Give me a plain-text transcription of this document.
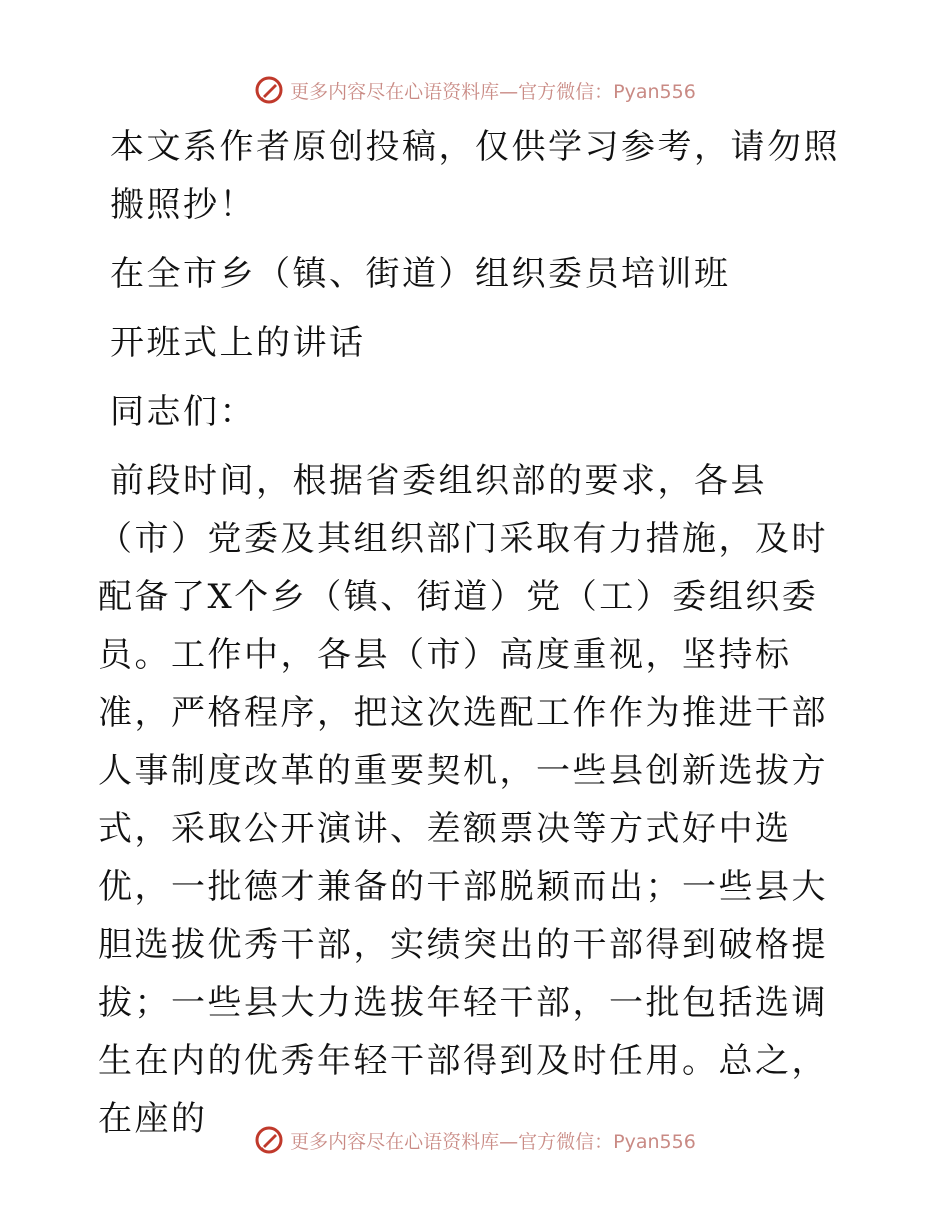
更多内容尽在心语资料库—官方微信：Pyan556

本文系作者原创投稿，仅供学习参考，请勿照搬照抄！

在全市乡（镇、街道）组织委员培训班

开班式上的讲话

同志们：

前段时间，根据省委组织部的要求，各县（市）党委及其组织部门采取有力措施，及时配备了X个乡（镇、街道）党（工）委组织委员。工作中，各县（市）高度重视，坚持标准，严格程序，把这次选配工作作为推进干部人事制度改革的重要契机，一些县创新选拔方式，采取公开演讲、差额票决等方式好中选优，一批德才兼备的干部脱颖而出；一些县大胆选拔优秀干部，实绩突出的干部得到破格提拔；一些县大力选拔年轻干部，一批包括选调生在内的优秀年轻干部得到及时任用。总之，在座的

更多内容尽在心语资料库—官方微信：Pyan556
